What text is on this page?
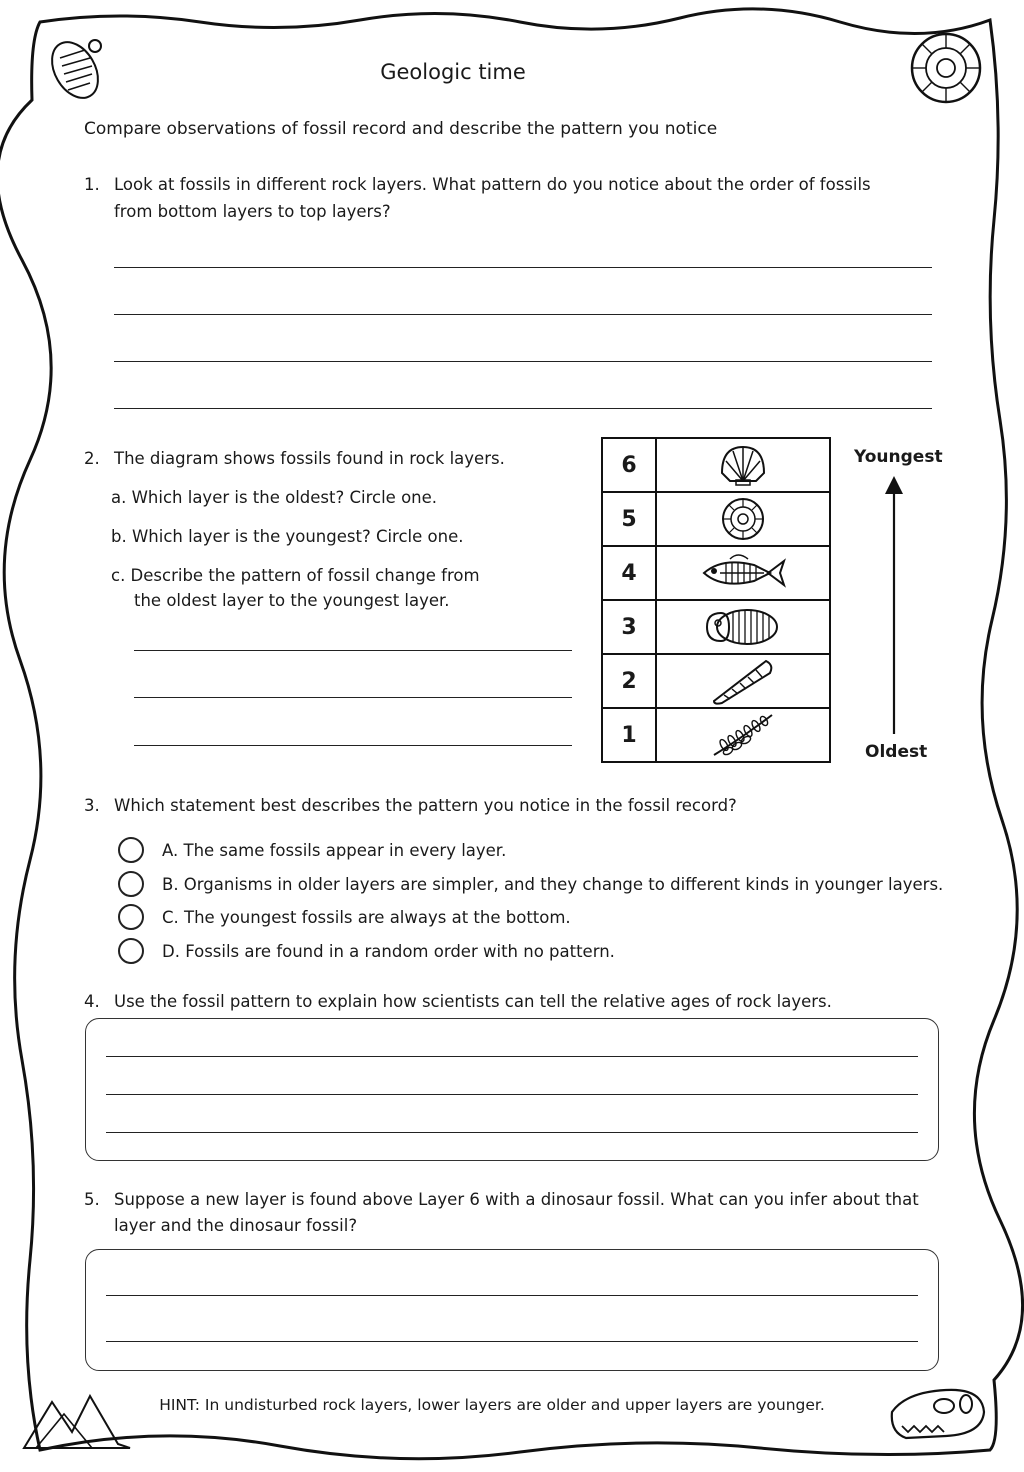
Geologic time
Compare observations of fossil record and describe the pattern you notice
1. Look at fossils in different rock layers. What pattern do you notice about the order of fossils
from bottom layers to top layers?
2. The diagram shows fossils found in rock layers.
a. Which layer is the oldest? Circle one.
b. Which layer is the youngest? Circle one.
c. Describe the pattern of fossil change from
the oldest layer to the youngest layer.
6	

5	

4	

3	

2	

1	
Youngest
Oldest
3. Which statement best describes the pattern you notice in the fossil record?
A. The same fossils appear in every layer.
B. Organisms in older layers are simpler, and they change to different kinds in younger layers.
C. The youngest fossils are always at the bottom.
D. Fossils are found in a random order with no pattern.
4. Use the fossil pattern to explain how scientists can tell the relative ages of rock layers.
5. Suppose a new layer is found above Layer 6 with a dinosaur fossil. What can you infer about that
layer and the dinosaur fossil?
HINT: In undisturbed rock layers, lower layers are older and upper layers are younger.
